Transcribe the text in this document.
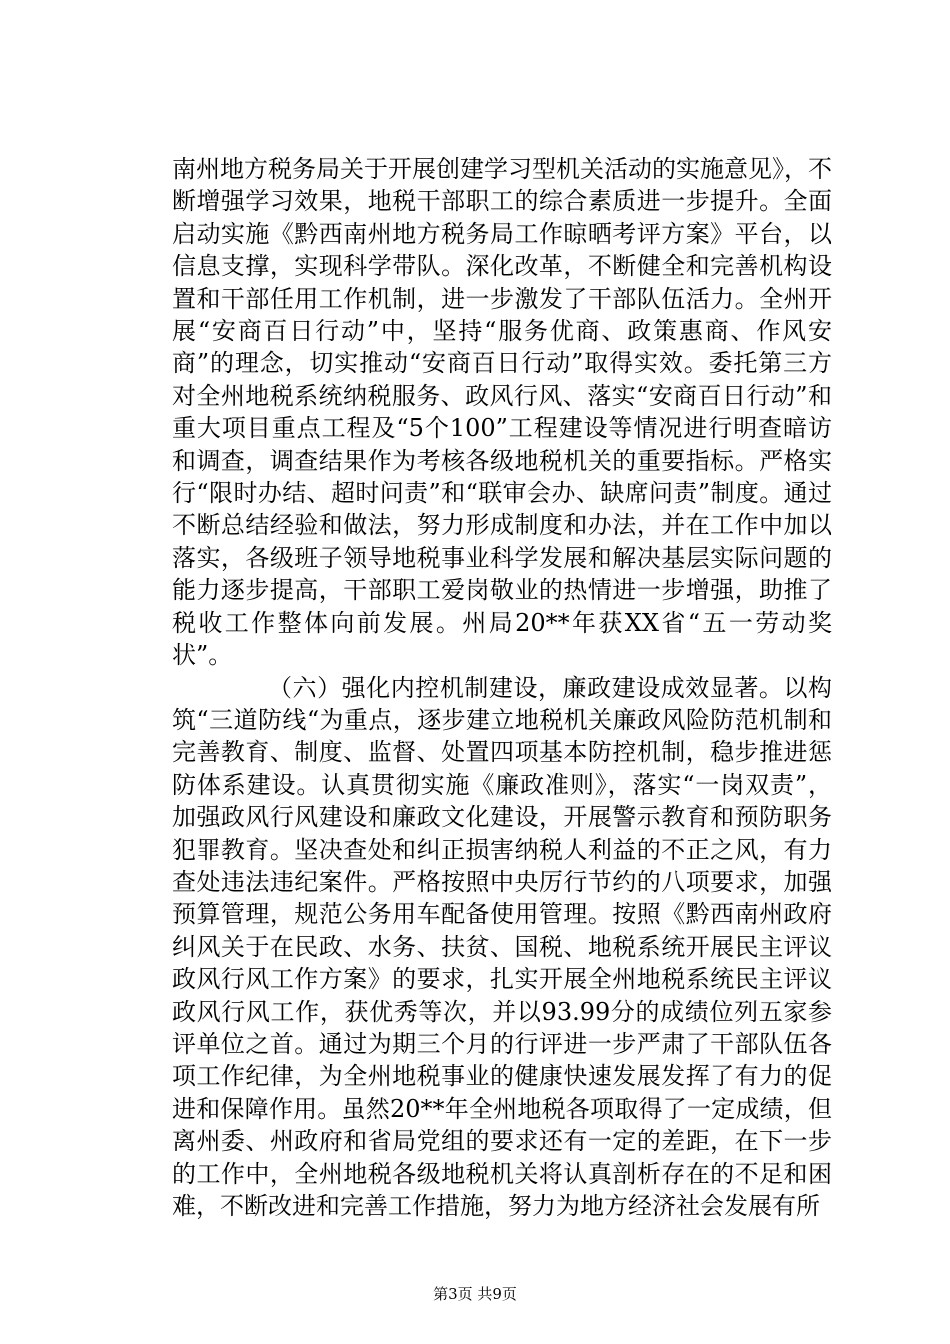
南州地方税务局关于开展创建学习型机关活动的实施意见》，不断增强学习效果，地税干部职工的综合素质进一步提升。全面启动实施《黔西南州地方税务局工作晾晒考评方案》平台，以信息支撑，实现科学带队。深化改革，不断健全和完善机构设置和干部任用工作机制，进一步激发了干部队伍活力。全州开展“安商百日行动”中，坚持“服务优商、政策惠商、作风安商”的理念，切实推动“安商百日行动”取得实效。委托第三方对全州地税系统纳税服务、政风行风、落实“安商百日行动”和重大项目重点工程及“5个100”工程建设等情况进行明查暗访和调查，调查结果作为考核各级地税机关的重要指标。严格实行“限时办结、超时问责”和“联审会办、缺席问责”制度。通过不断总结经验和做法，努力形成制度和办法，并在工作中加以落实，各级班子领导地税事业科学发展和解决基层实际问题的能力逐步提高，干部职工爱岗敬业的热情进一步增强，助推了税收工作整体向前发展。州局20**年获XX省“五一劳动奖状”。

（六）强化内控机制建设，廉政建设成效显著。以构筑“三道防线“为重点，逐步建立地税机关廉政风险防范机制和完善教育、制度、监督、处置四项基本防控机制，稳步推进惩防体系建设。认真贯彻实施《廉政准则》，落实“一岗双责”，加强政风行风建设和廉政文化建设，开展警示教育和预防职务犯罪教育。坚决查处和纠正损害纳税人利益的不正之风，有力查处违法违纪案件。严格按照中央厉行节约的八项要求，加强预算管理，规范公务用车配备使用管理。按照《黔西南州政府纠风关于在民政、水务、扶贫、国税、地税系统开展民主评议政风行风工作方案》的要求，扎实开展全州地税系统民主评议政风行风工作，获优秀等次，并以93.99分的成绩位列五家参评单位之首。通过为期三个月的行评进一步严肃了干部队伍各项工作纪律，为全州地税事业的健康快速发展发挥了有力的促进和保障作用。虽然20**年全州地税各项取得了一定成绩，但离州委、州政府和省局党组的要求还有一定的差距，在下一步的工作中，全州地税各级地税机关将认真剖析存在的不足和困难，不断改进和完善工作措施，努力为地方经济社会发展有所

第3页 共9页
